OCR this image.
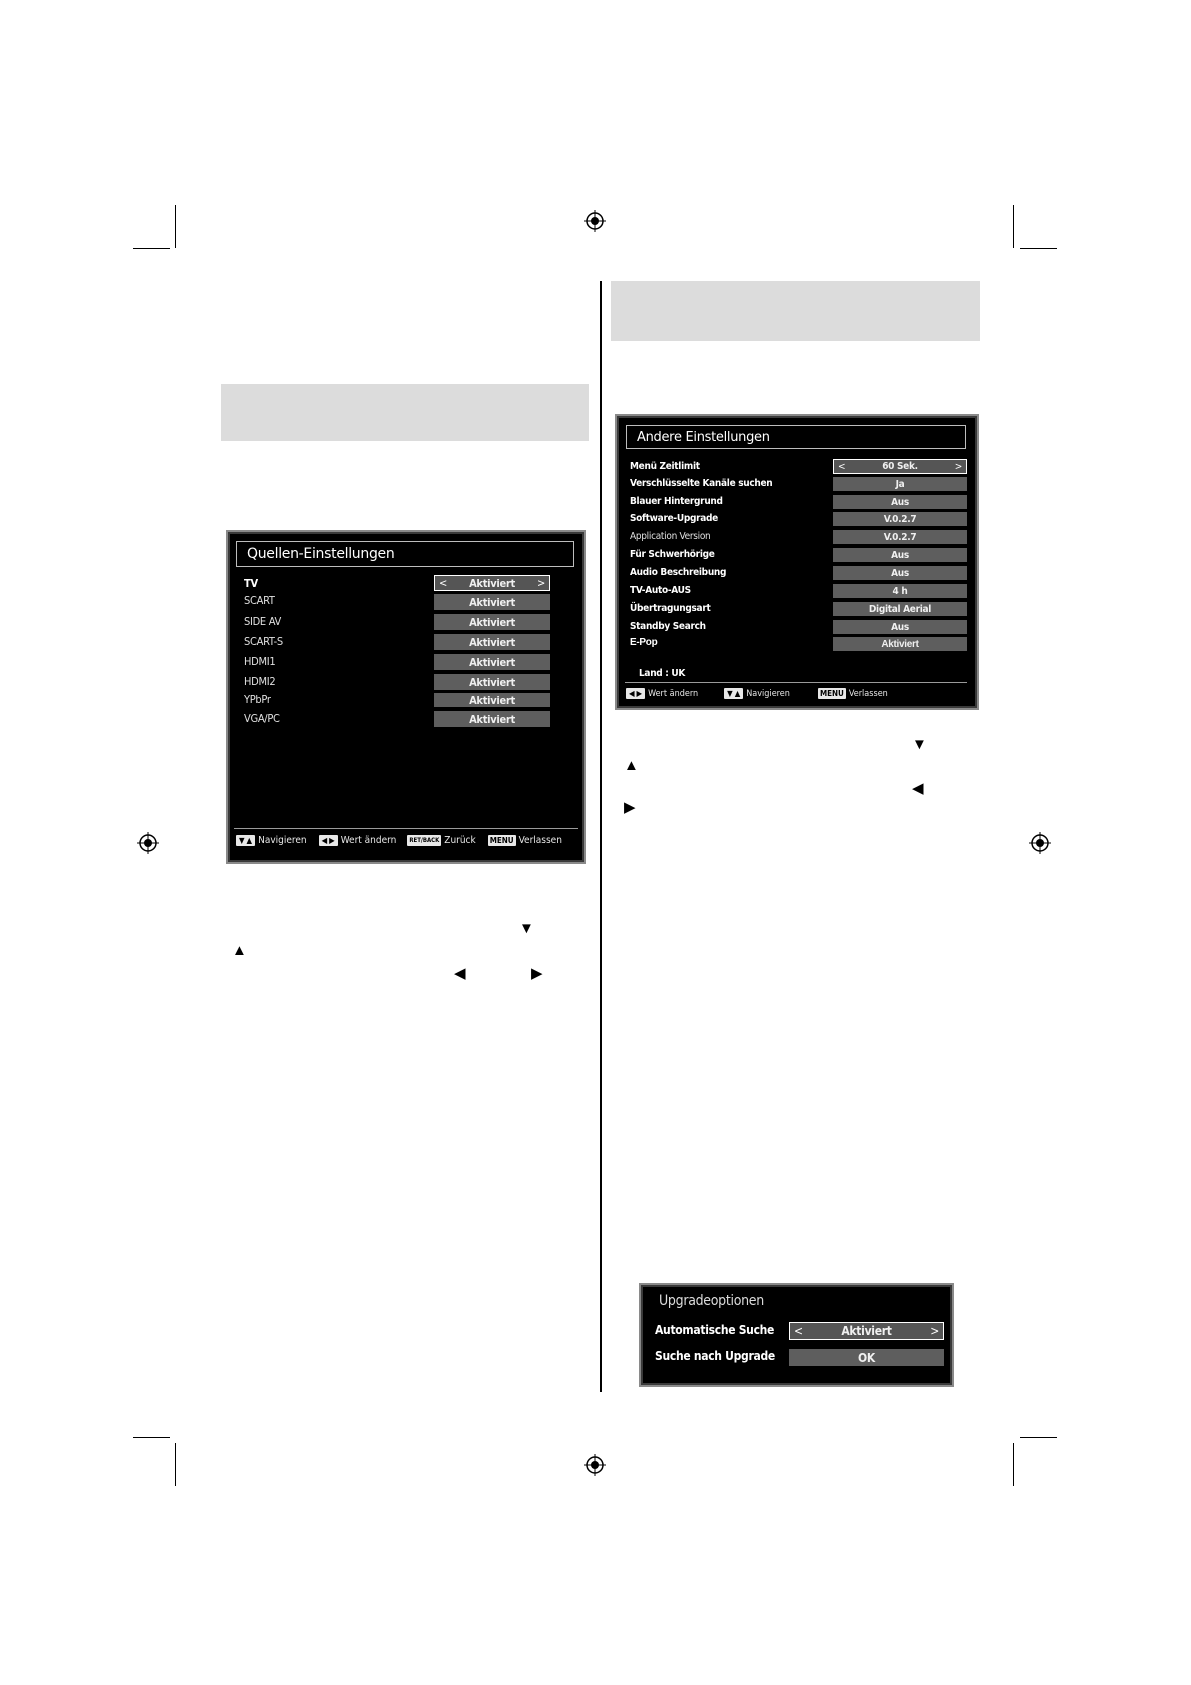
Quellen-Einstellungen
TV	< Aktiviert >
SCART	Aktiviert
SIDE AV	Aktiviert
SCART-S	Aktiviert
HDMI1	Aktiviert
HDMI2	Aktiviert
YPbPr	Aktiviert
VGA/PC	Aktiviert
▼ ▲ Navigieren ◀ ▶ Wert ändern	RET/BACK Zurück MENU Verlassen
Andere Einstellungen
Menü Zeitlimit	<	60 Sek.	>
Verschlüsselte Kanäle suchen	Ja
Blauer Hintergrund	Aus
Software-Upgrade	V.0.2.7
Application Version	V.0.2.7
Für Schwerhörige	Aus
Audio Beschreibung	Aus
TV-Auto-AUS	4 h
Übertragungsart	Digital Aerial
Standby Search	Aus
E-Pop	Aktiviert
Land : UK
◀ ▶ Wert ändern	▼ ▲ Navigieren	MENU Verlassen
Upgradeoptionen
Automatische Suche <	Aktiviert	>
Suche nach Upgrade	OK
▼
▲
◀	▶
▼
▲
◀
▶
